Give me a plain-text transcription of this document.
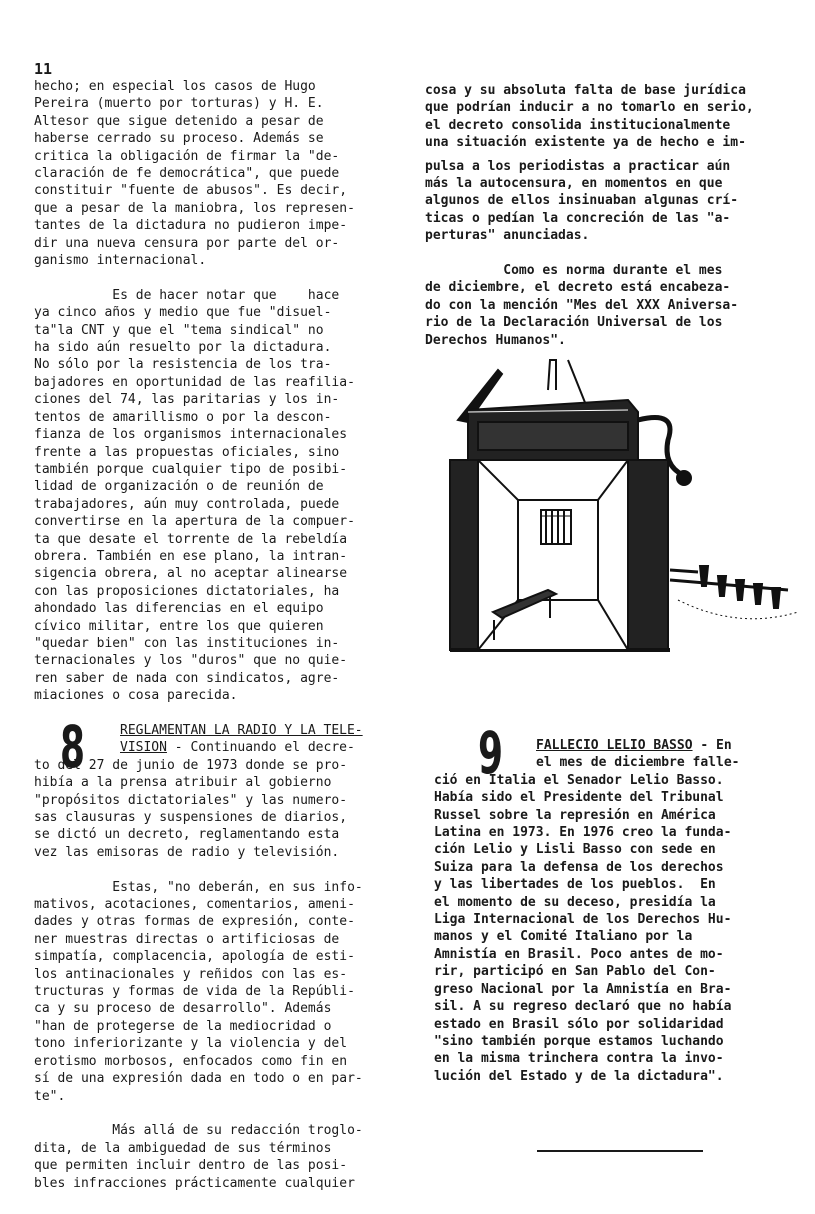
11

hecho; en especial los casos de Hugo

Pereira (muerto por torturas) y H. E.

Altesor que sigue detenido a pesar de

haberse cerrado su proceso. Además se

critica la obligación de firmar la "de-

claración de fe democrática", que puede

constituir "fuente de abusos". Es decir,

que a pesar de la maniobra, los represen-

tantes de la dictadura no pudieron impe-

dir una nueva censura por parte del or-

ganismo internacional.

Es de hacer notar que    hace

ya cinco años y medio que fue "disuel-

ta"la CNT y que el "tema sindical" no

ha sido aún resuelto por la dictadura.

No sólo por la resistencia de los tra-

bajadores en oportunidad de las reafilia-

ciones del 74, las paritarias y los in-

tentos de amarillismo o por la descon-

fianza de los organismos internacionales

frente a las propuestas oficiales, sino

también porque cualquier tipo de posibi-

lidad de organización o de reunión de

trabajadores, aún muy controlada, puede

convertirse en la apertura de la compuer-

ta que desate el torrente de la rebeldía

obrera. También en ese plano, la intran-

sigencia obrera, al no aceptar alinearse

con las proposiciones dictatoriales, ha

ahondado las diferencias en el equipo

cívico militar, entre los que quieren

"quedar bien" con las instituciones in-

ternacionales y los "duros" que no quie-

ren saber de nada con sindicatos, agre-

miaciones o cosa parecida.

cosa y su absoluta falta de base jurídica

que podrían inducir a no tomarlo en serio,

el decreto consolida institucionalmente

una situación existente ya de hecho e im-

pulsa a los periodistas a practicar aún

más la autocensura, en momentos en que

algunos de ellos insinuaban algunas crí-

ticas o pedían la concreción de las "a-

perturas" anunciadas.

Como es norma durante el mes

de diciembre, el decreto está encabeza-

do con la mención "Mes del XXX Aniversa-

rio de la Declaración Universal de los

Derechos Humanos".

8	REGLAMENTAN LA RADIO Y LA TELE-

VISION - Continuando el decre-

to del 27 de junio de 1973 donde se pro-

hibía a la prensa atribuir al gobierno

"propósitos dictatoriales" y las numero-

sas clausuras y suspensiones de diarios,

se dictó un decreto, reglamentando esta

vez las emisoras de radio y televisión.

Estas, "no deberán, en sus info-

mativos, acotaciones, comentarios, ameni-

dades y otras formas de expresión, conte-

ner muestras directas o artificiosas de

simpatía, complacencia, apología de esti-

los antinacionales y reñidos con las es-

tructuras y formas de vida de la Repúbli-

ca y su proceso de desarrollo". Además

"han de protegerse de la mediocridad o

tono inferiorizante y la violencia y del

erotismo morbosos, enfocados como fin en

sí de una expresión dada en todo o en par-

te".

Más allá de su redacción troglo-

dita, de la ambiguedad de sus términos

que permiten incluir dentro de las posi-

bles infracciones prácticamente cualquier

9	FALLECIO LELIO BASSO - En

el mes de diciembre falle-

ció en Italia el Senador Lelio Basso.

Había sido el Presidente del Tribunal

Russel sobre la represión en América

Latina en 1973. En 1976 creo la funda-

ción Lelio y Lisli Basso con sede en

Suiza para la defensa de los derechos

y las libertades de los pueblos.  En

el momento de su deceso, presidía la

Liga Internacional de los Derechos Hu-

manos y el Comité Italiano por la

Amnistía en Brasil. Poco antes de mo-

rir, participó en San Pablo del Con-

greso Nacional por la Amnistía en Bra-

sil. A su regreso declaró que no había

estado en Brasil sólo por solidaridad

"sino también porque estamos luchando

en la misma trinchera contra la invo-

lución del Estado y de la dictadura".
